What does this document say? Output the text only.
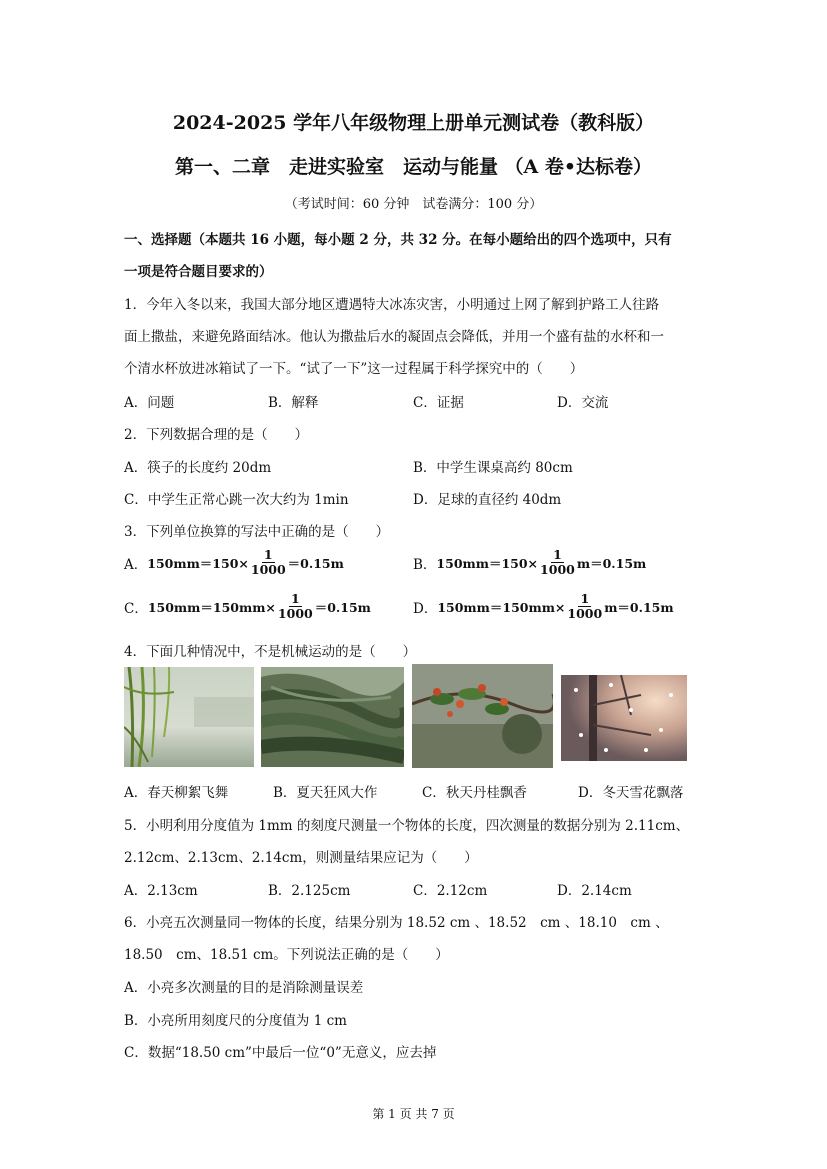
2024-2025 学年八年级物理上册单元测试卷（教科版）
第一、二章　走进实验室　运动与能量 （A 卷•达标卷）
（考试时间：60 分钟　试卷满分：100 分）
一、选择题（本题共 16 小题，每小题 2 分，共 32 分。在每小题给出的四个选项中，只有
一项是符合题目要求的）
1．今年入冬以来，我国大部分地区遭遇特大冰冻灾害，小明通过上网了解到护路工人往路
面上撒盐，来避免路面结冰。他认为撒盐后水的凝固点会降低，并用一个盛有盐的水杯和一
个清水杯放进冰箱试了一下。“试了一下”这一过程属于科学探究中的（　　）
A．问题	B．解释	C．证据	D．交流
2．下列数据合理的是（　　）
A．筷子的长度约 20dm	B．中学生课桌高约 80cm
C．中学生正常心跳一次大约为 1min	D．足球的直径约 40dm
3．下列单位换算的写法中正确的是（　　）
A． $150mm=150\times \frac{1}{1000} =0.15m$	B． $150mm=150\times \frac{1}{1000} m=0.15m$
C． $150mm=150mm\times \frac{1}{1000} =0.15m$	D． $150mm=150mm\times \frac{1}{1000} m=0.15m$
4．下面几种情况中，不是机械运动的是（　　）
A．春天柳絮飞舞	B．夏天狂风大作	C．秋天丹桂飘香	D．冬天雪花飘落
5．小明利用分度值为 1mm 的刻度尺测量一个物体的长度，四次测量的数据分别为 2.11cm、
2.12cm、2.13cm、2.14cm，则测量结果应记为（　　）
A．2.13cm	B．2.125cm	C．2.12cm	D．2.14cm
6．小亮五次测量同一物体的长度，结果分别为 18.52 cm 、18.52　cm 、18.10　cm 、
18.50　cm、18.51 cm。下列说法正确的是（　　）
A．小亮多次测量的目的是消除测量误差
B．小亮所用刻度尺的分度值为 1 cm
C．数据“18.50 cm”中最后一位“0”无意义，应去掉
第 1 页 共 7 页
